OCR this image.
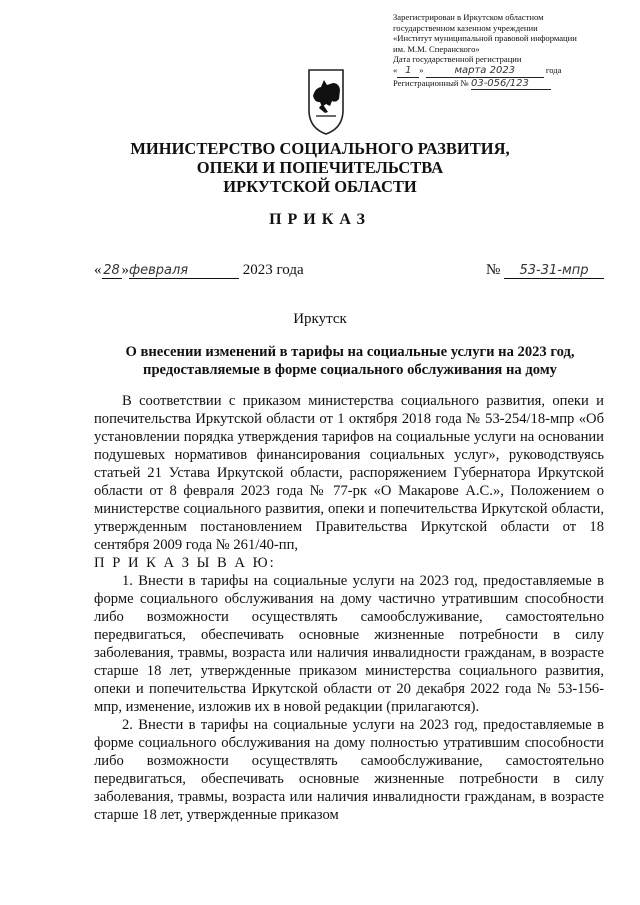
Зарегистрирован в Иркутском областном
государственном казенном учреждении
«Институт муниципальной правовой информации
им. М.М. Сперанского»
Дата государственной регистрации
« 1 »	марта 2023	года
Регистрационный № 03-056/123
МИНИСТЕРСТВО СОЦИАЛЬНОГО РАЗВИТИЯ,
ОПЕКИ И ПОПЕЧИТЕЛЬСТВА
ИРКУТСКОЙ ОБЛАСТИ
ПРИКАЗ
« 28 »февраля	2023 года	№ 53-31-мпр
Иркутск
О внесении изменений в тарифы на социальные услуги на 2023 год,
предоставляемые в форме социального обслуживания на дому

В соответствии с приказом министерства социального развития, опеки и попечительства Иркутской области от 1 октября 2018 года № 53-254/18-мпр «Об установлении порядка утверждения тарифов на социальные услуги на основании подушевых нормативов финансирования социальных услуг», руководствуясь статьей 21 Устава Иркутской области, распоряжением Губернатора Иркутской области от 8 февраля 2023 года № 77-рк «О Макарове А.С.», Положением о министерстве социального развития, опеки и попечительства Иркутской области, утвержденным постановлением Правительства Иркутской области от 18 сентября 2009 года № 261/40-пп,

П Р И К А З Ы В А Ю:

1. Внести в тарифы на социальные услуги на 2023 год, предоставляемые в форме социального обслуживания на дому частично утратившим способности либо возможности осуществлять самообслуживание, самостоятельно передвигаться, обеспечивать основные жизненные потребности в силу заболевания, травмы, возраста или наличия инвалидности гражданам, в возрасте старше 18 лет, утвержденные приказом министерства социального развития, опеки и попечительства Иркутской области от 20 декабря 2022 года № 53-156-мпр, изменение, изложив их в новой редакции (прилагаются).

2. Внести в тарифы на социальные услуги на 2023 год, предоставляемые в форме социального обслуживания на дому полностью утратившим способности либо возможности осуществлять самообслуживание, самостоятельно передвигаться, обеспечивать основные жизненные потребности в силу заболевания, травмы, возраста или наличия инвалидности гражданам, в возрасте старше 18 лет, утвержденные приказом
